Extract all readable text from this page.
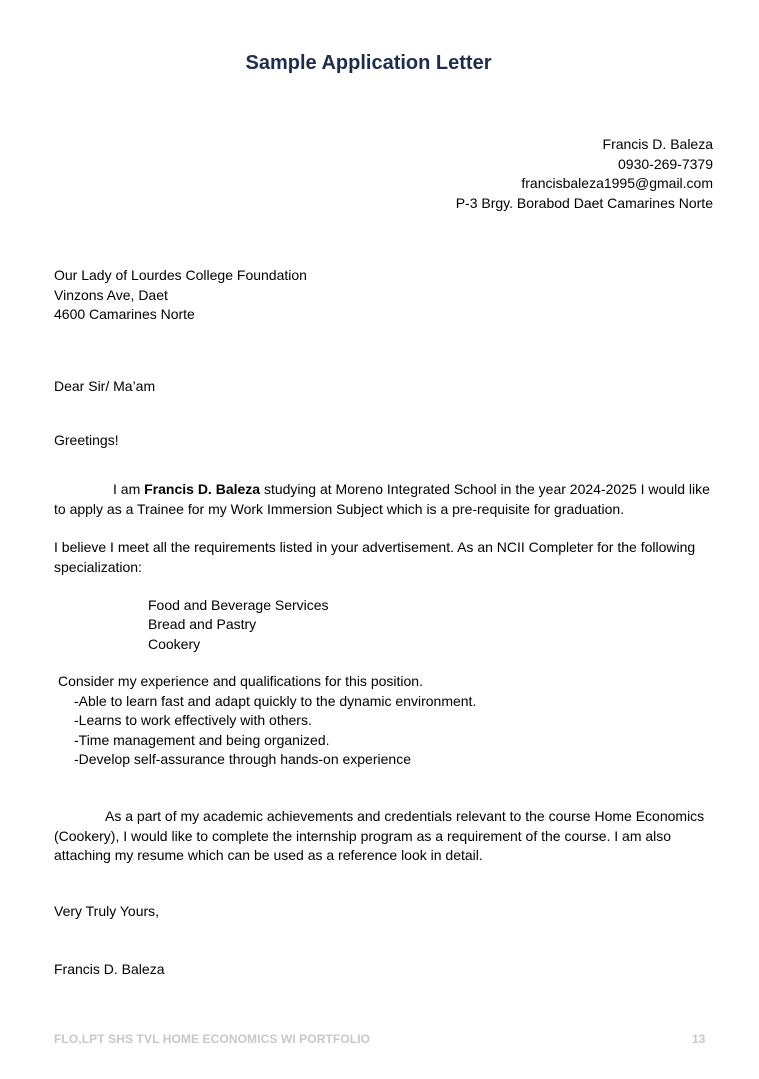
Sample Application Letter
Francis D. Baleza
0930-269-7379
francisbaleza1995@gmail.com
P-3 Brgy. Borabod Daet Camarines Norte
Our Lady of Lourdes College Foundation
Vinzons Ave, Daet
4600 Camarines Norte
Dear Sir/ Ma’am
Greetings!
I am Francis D. Baleza studying at Moreno Integrated School in the year 2024-2025 I would like to apply as a Trainee for my Work Immersion Subject which is a pre-requisite for graduation.
I believe I meet all the requirements listed in your advertisement. As an NCII Completer for the following specialization:
Food and Beverage Services
Bread and Pastry
Cookery
Consider my experience and qualifications for this position.
-Able to learn fast and adapt quickly to the dynamic environment.
-Learns to work effectively with others.
-Time management and being organized.
-Develop self-assurance through hands-on experience
As a part of my academic achievements and credentials relevant to the course Home Economics (Cookery), I would like to complete the internship program as a requirement of the course. I am also attaching my resume which can be used as a reference look in detail.
Very Truly Yours,
Francis D. Baleza
FLO,LPT SHS TVL HOME ECONOMICS WI PORTFOLIO	13
